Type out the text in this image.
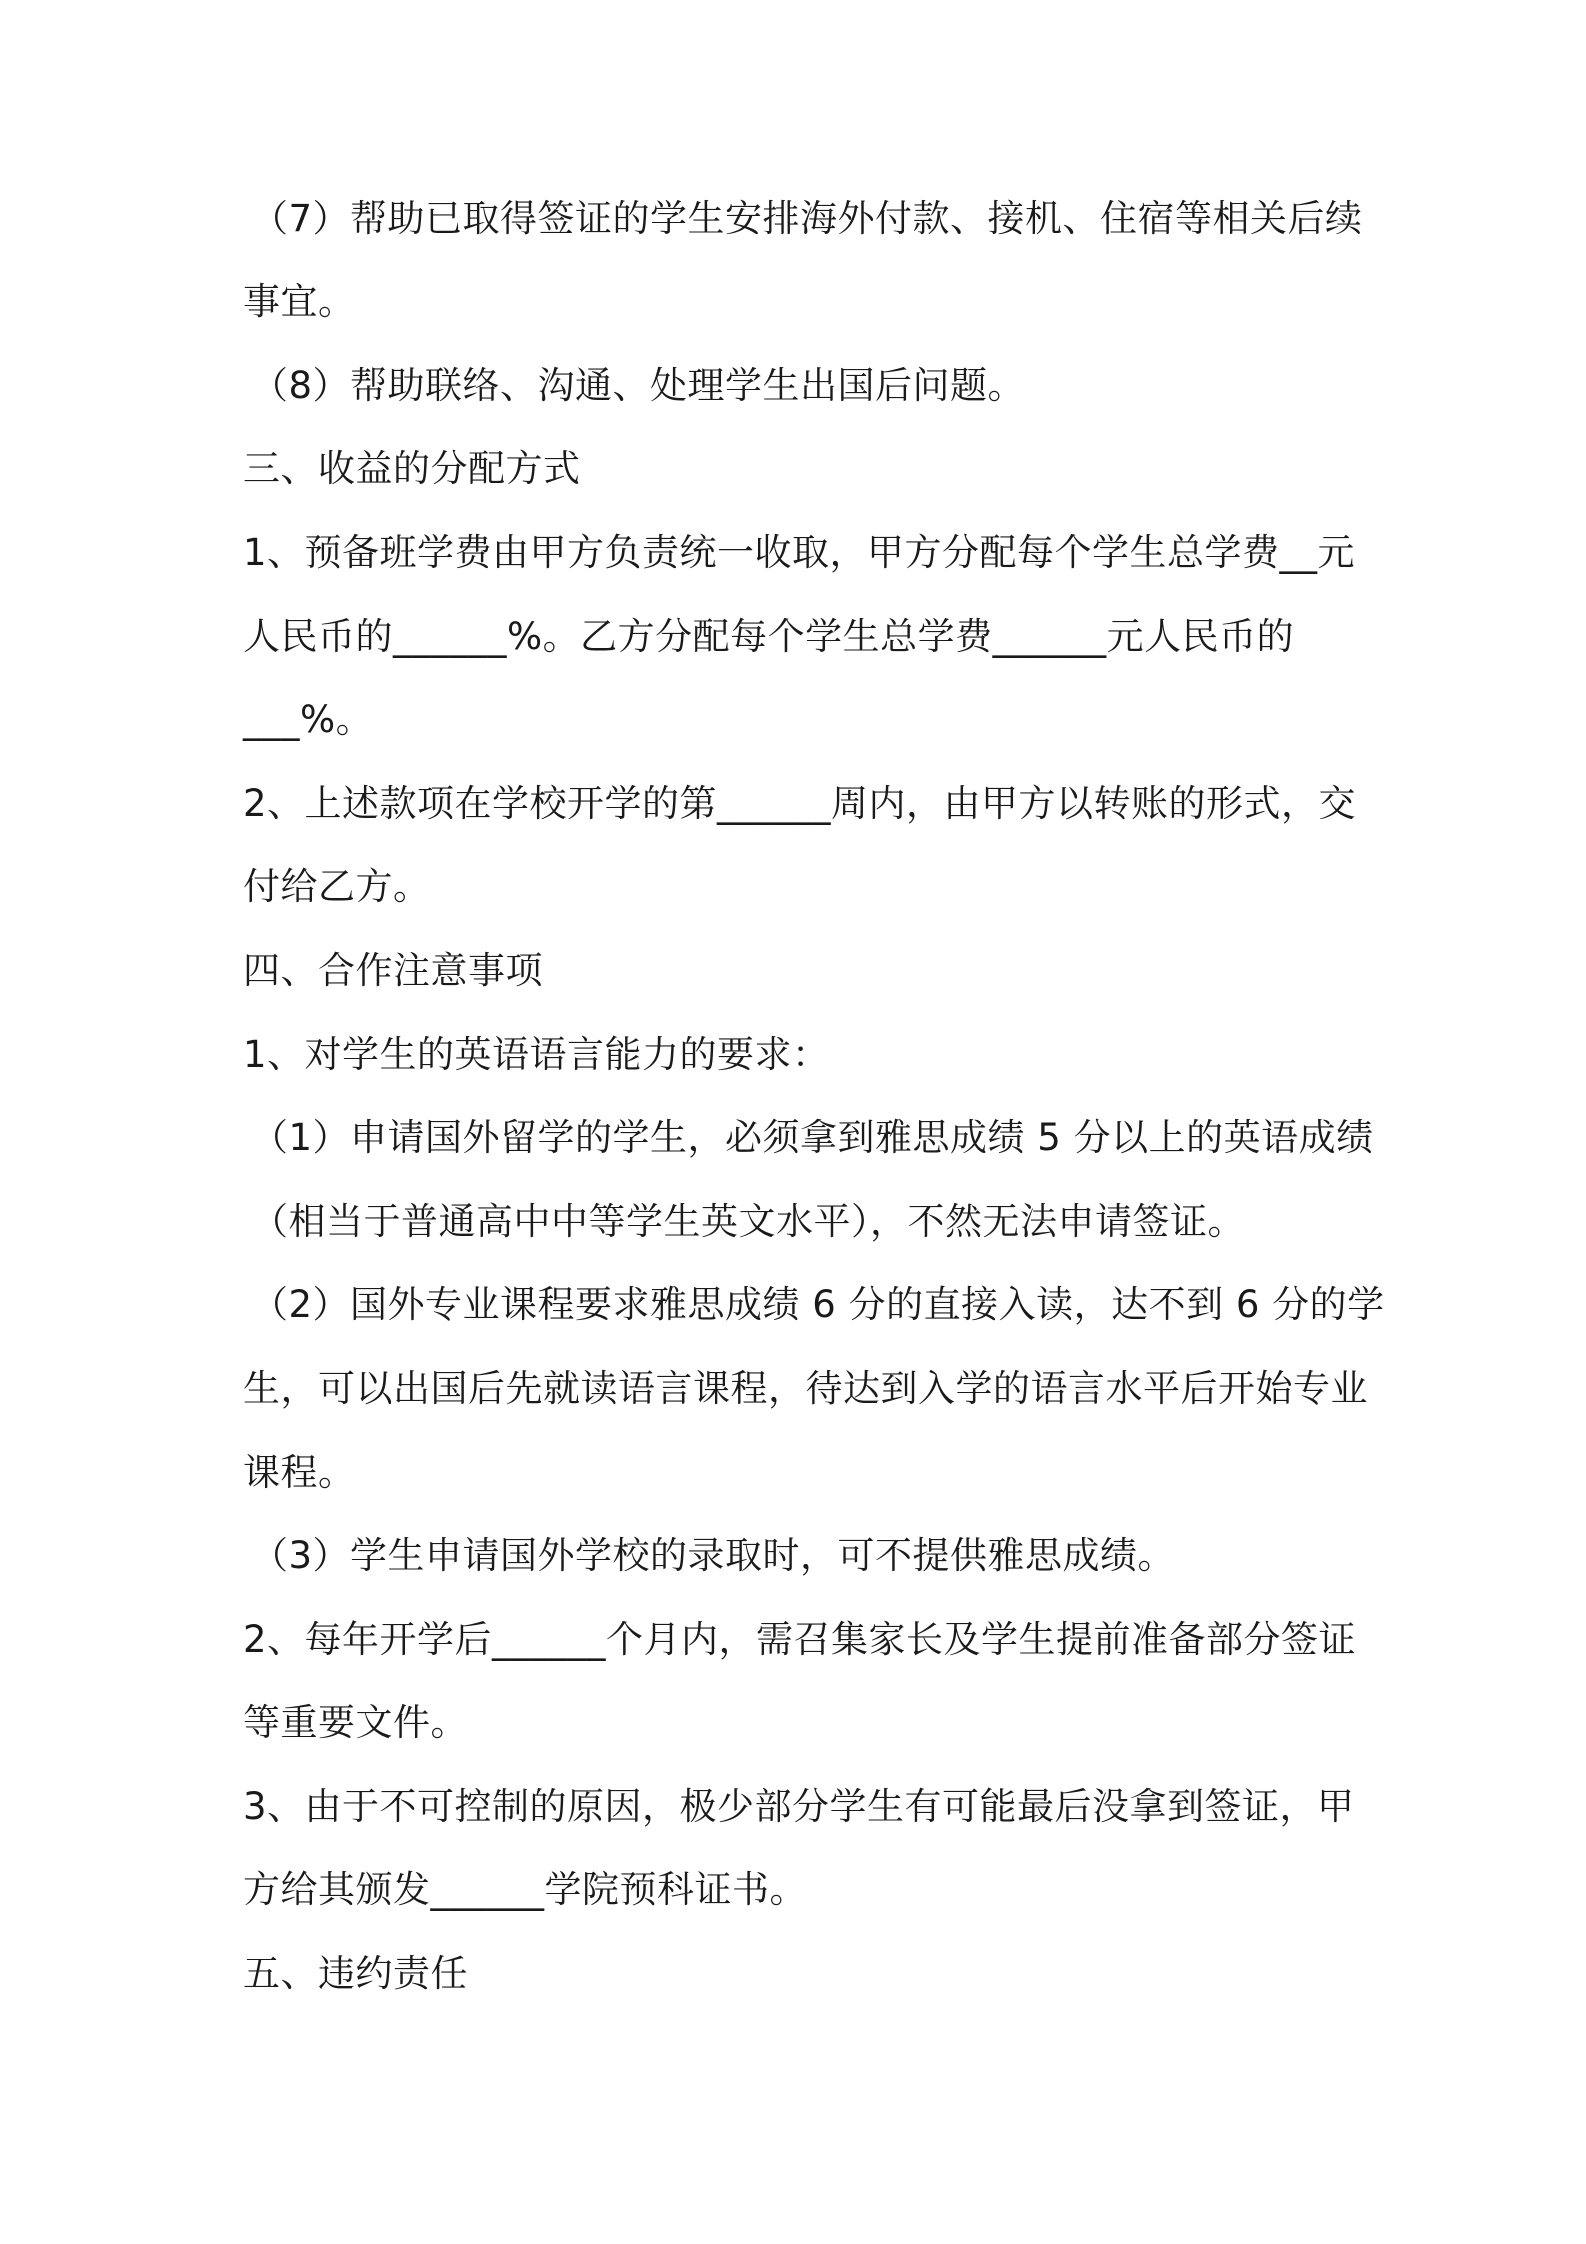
（7）帮助已取得签证的学生安排海外付款、接机、住宿等相关后续
事宜。
（8）帮助联络、沟通、处理学生出国后问题。
三、收益的分配方式
1、预备班学费由甲方负责统一收取，甲方分配每个学生总学费__元
人民币的______%。乙方分配每个学生总学费______元人民币的
___%。
2、上述款项在学校开学的第______周内，由甲方以转账的形式，交
付给乙方。
四、合作注意事项
1、对学生的英语语言能力的要求：
（1）申请国外留学的学生，必须拿到雅思成绩 5 分以上的英语成绩
（相当于普通高中中等学生英文水平），不然无法申请签证。
（2）国外专业课程要求雅思成绩 6 分的直接入读，达不到 6 分的学
生，可以出国后先就读语言课程，待达到入学的语言水平后开始专业
课程。
（3）学生申请国外学校的录取时，可不提供雅思成绩。
2、每年开学后______个月内，需召集家长及学生提前准备部分签证
等重要文件。
3、由于不可控制的原因，极少部分学生有可能最后没拿到签证，甲
方给其颁发______学院预科证书。
五、违约责任
